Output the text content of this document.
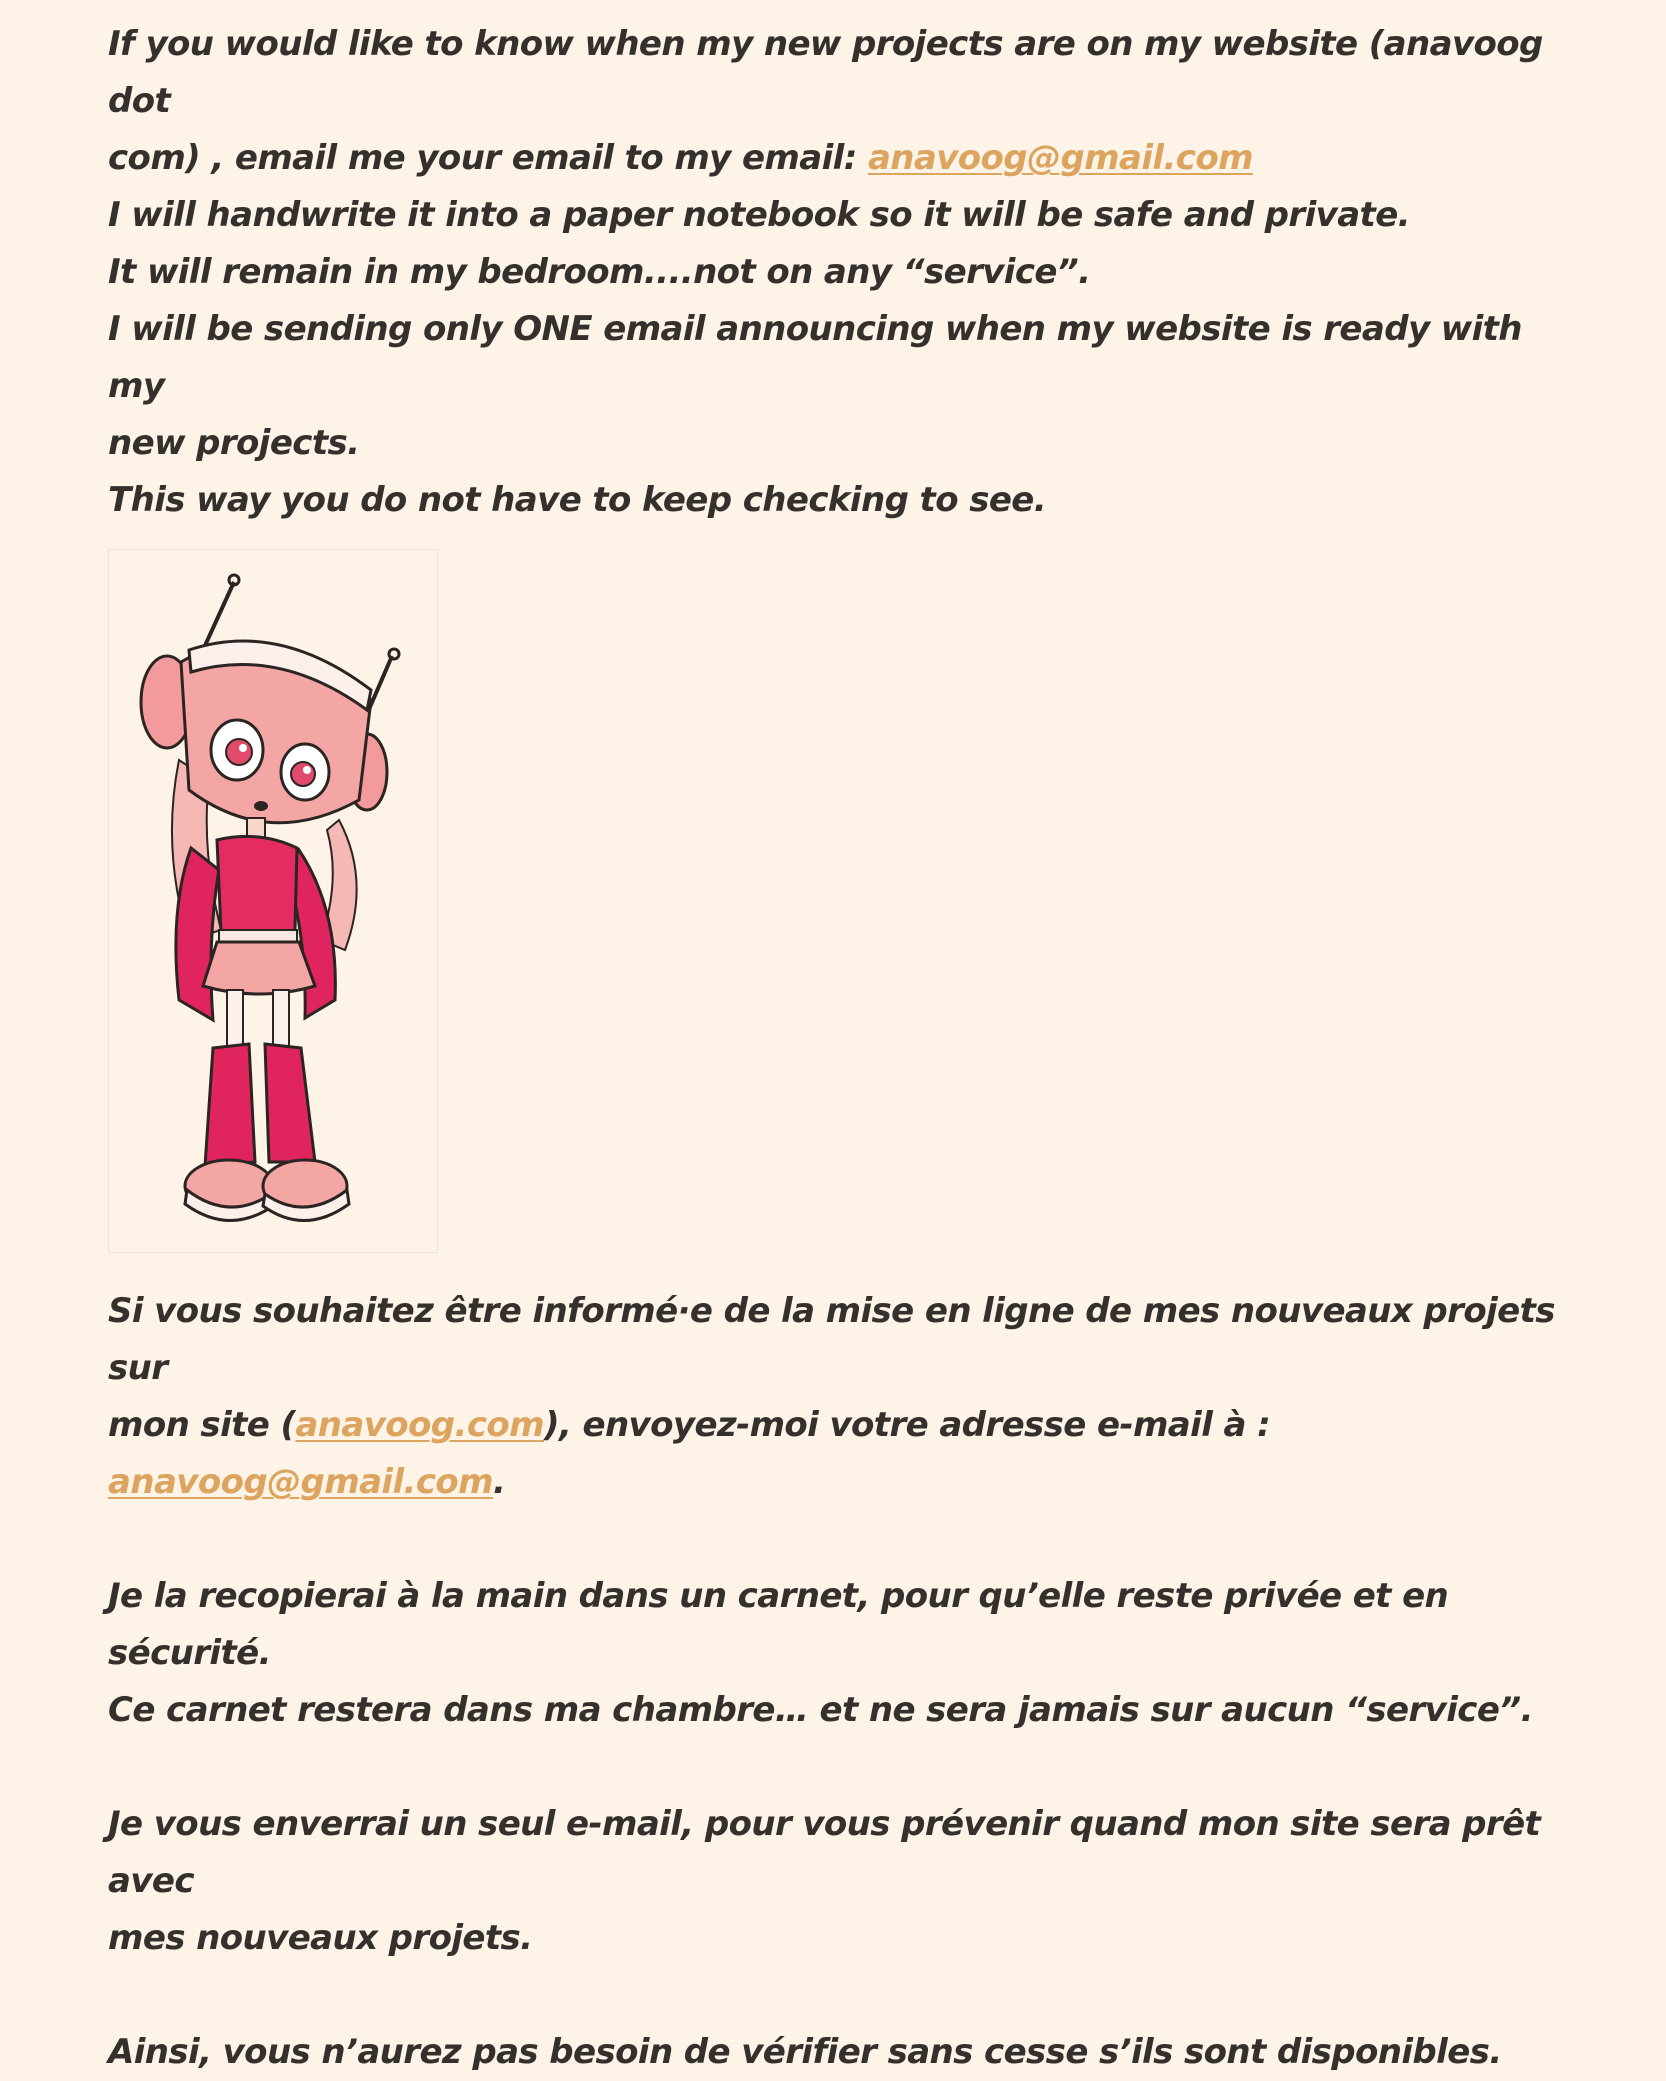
If you would like to know when my new projects are on my website (anavoog dot

com) , email me your email to my email: anavoog@gmail.com

I will handwrite it into a paper notebook so it will be safe and private.

It will remain in my bedroom....not on any “service”.

I will be sending only ONE email announcing when my website is ready with my

new projects.

This way you do not have to keep checking to see.

Si vous souhaitez être informé·e de la mise en ligne de mes nouveaux projets sur

mon site (anavoog.com), envoyez-moi votre adresse e-mail à :

anavoog@gmail.com.

Je la recopierai à la main dans un carnet, pour qu’elle reste privée et en sécurité.

Ce carnet restera dans ma chambre… et ne sera jamais sur aucun “service”.

Je vous enverrai un seul e-mail, pour vous prévenir quand mon site sera prêt avec

mes nouveaux projets.

Ainsi, vous n’aurez pas besoin de vérifier sans cesse s’ils sont disponibles.
